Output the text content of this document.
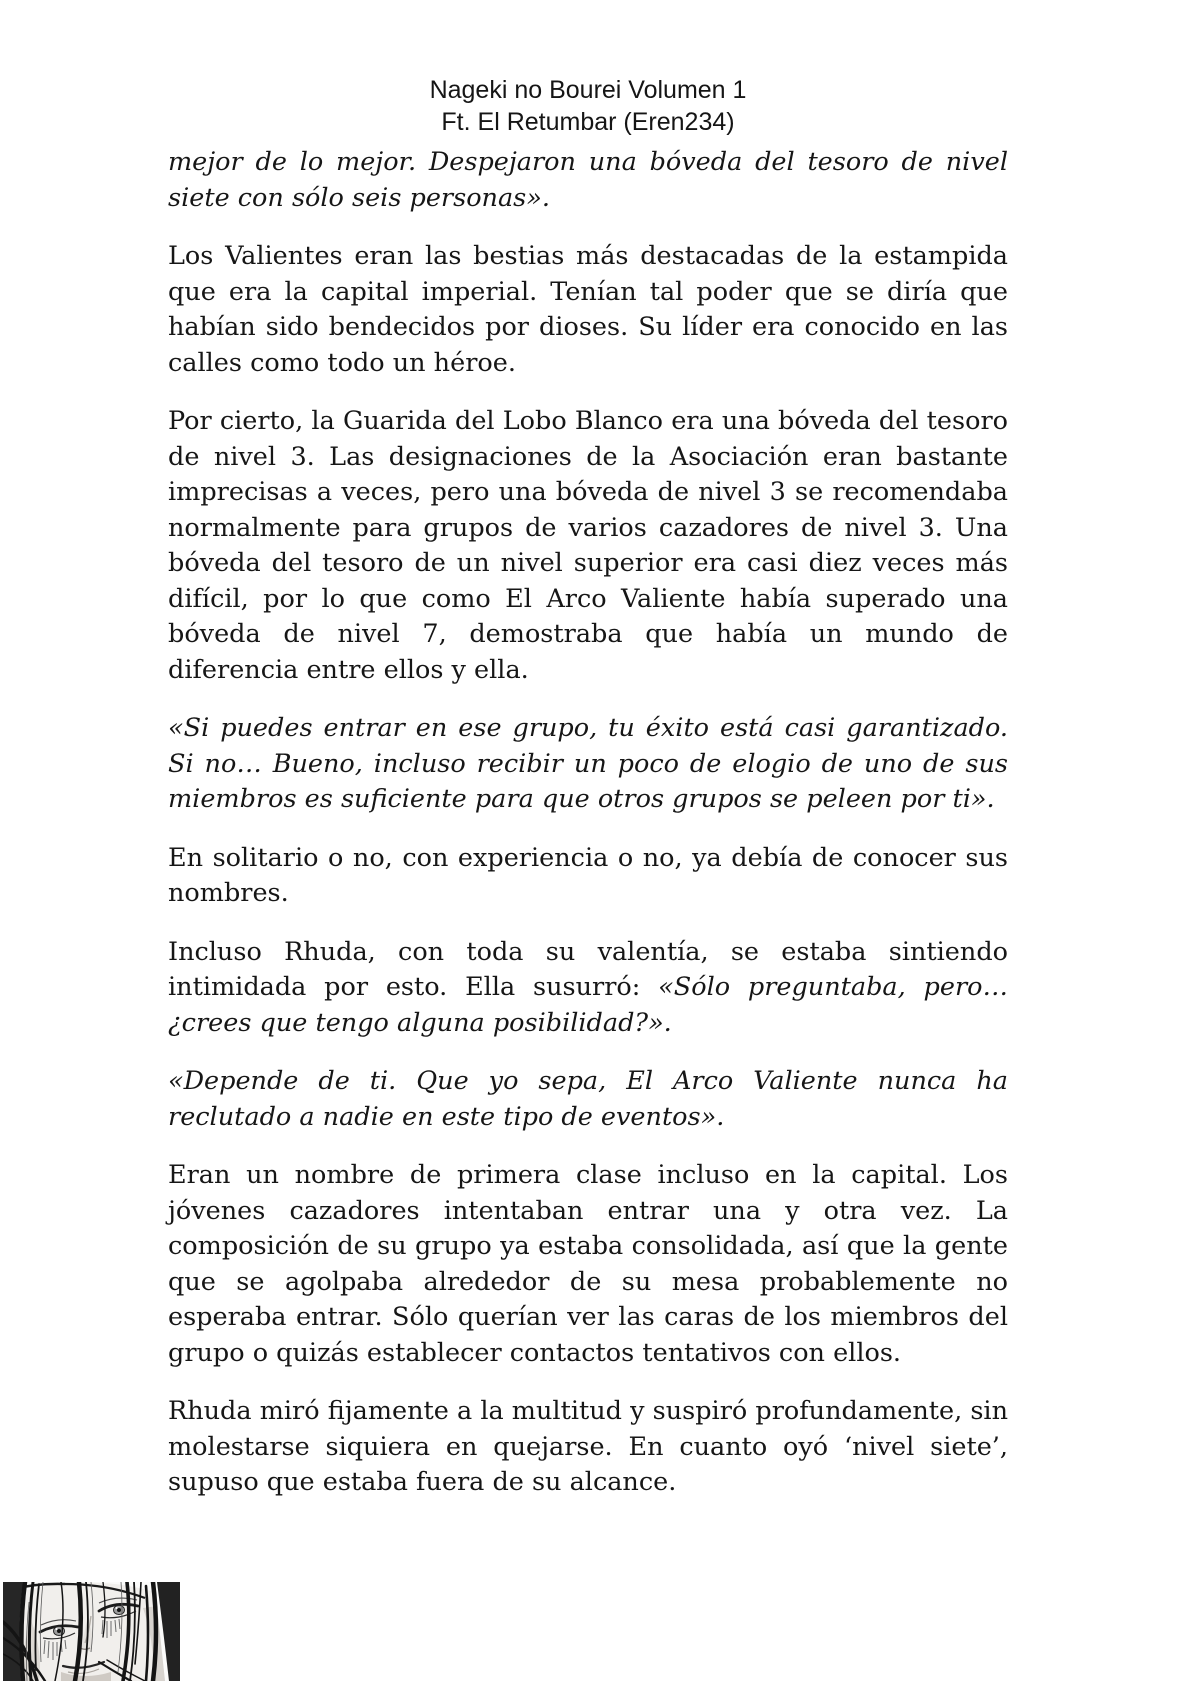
Nageki no Bourei Volumen 1
Ft. El Retumbar (Eren234)

mejor de lo mejor. Despejaron una bóveda del tesoro de nivel siete con sólo seis personas».

Los Valientes eran las bestias más destacadas de la estampida que era la capital imperial. Tenían tal poder que se diría que habían sido bendecidos por dioses. Su líder era conocido en las calles como todo un héroe.

Por cierto, la Guarida del Lobo Blanco era una bóveda del tesoro de nivel 3. Las designaciones de la Asociación eran bastante imprecisas a veces, pero una bóveda de nivel 3 se recomendaba normalmente para grupos de varios cazadores de nivel 3. Una bóveda del tesoro de un nivel superior era casi diez veces más difícil, por lo que como El Arco Valiente había superado una bóveda de nivel 7, demostraba que había un mundo de diferencia entre ellos y ella.

«Si puedes entrar en ese grupo, tu éxito está casi garantizado. Si no… Bueno, incluso recibir un poco de elogio de uno de sus miembros es suficiente para que otros grupos se peleen por ti».

En solitario o no, con experiencia o no, ya debía de conocer sus nombres.

Incluso Rhuda, con toda su valentía, se estaba sintiendo intimidada por esto. Ella susurró: «Sólo preguntaba, pero… ¿crees que tengo alguna posibilidad?».

«Depende de ti. Que yo sepa, El Arco Valiente nunca ha reclutado a nadie en este tipo de eventos».

Eran un nombre de primera clase incluso en la capital. Los jóvenes cazadores intentaban entrar una y otra vez. La composición de su grupo ya estaba consolidada, así que la gente que se agolpaba alrededor de su mesa probablemente no esperaba entrar. Sólo querían ver las caras de los miembros del grupo o quizás establecer contactos tentativos con ellos.

Rhuda miró fijamente a la multitud y suspiró profundamente, sin molestarse siquiera en quejarse. En cuanto oyó ‘nivel siete’, supuso que estaba fuera de su alcance.
